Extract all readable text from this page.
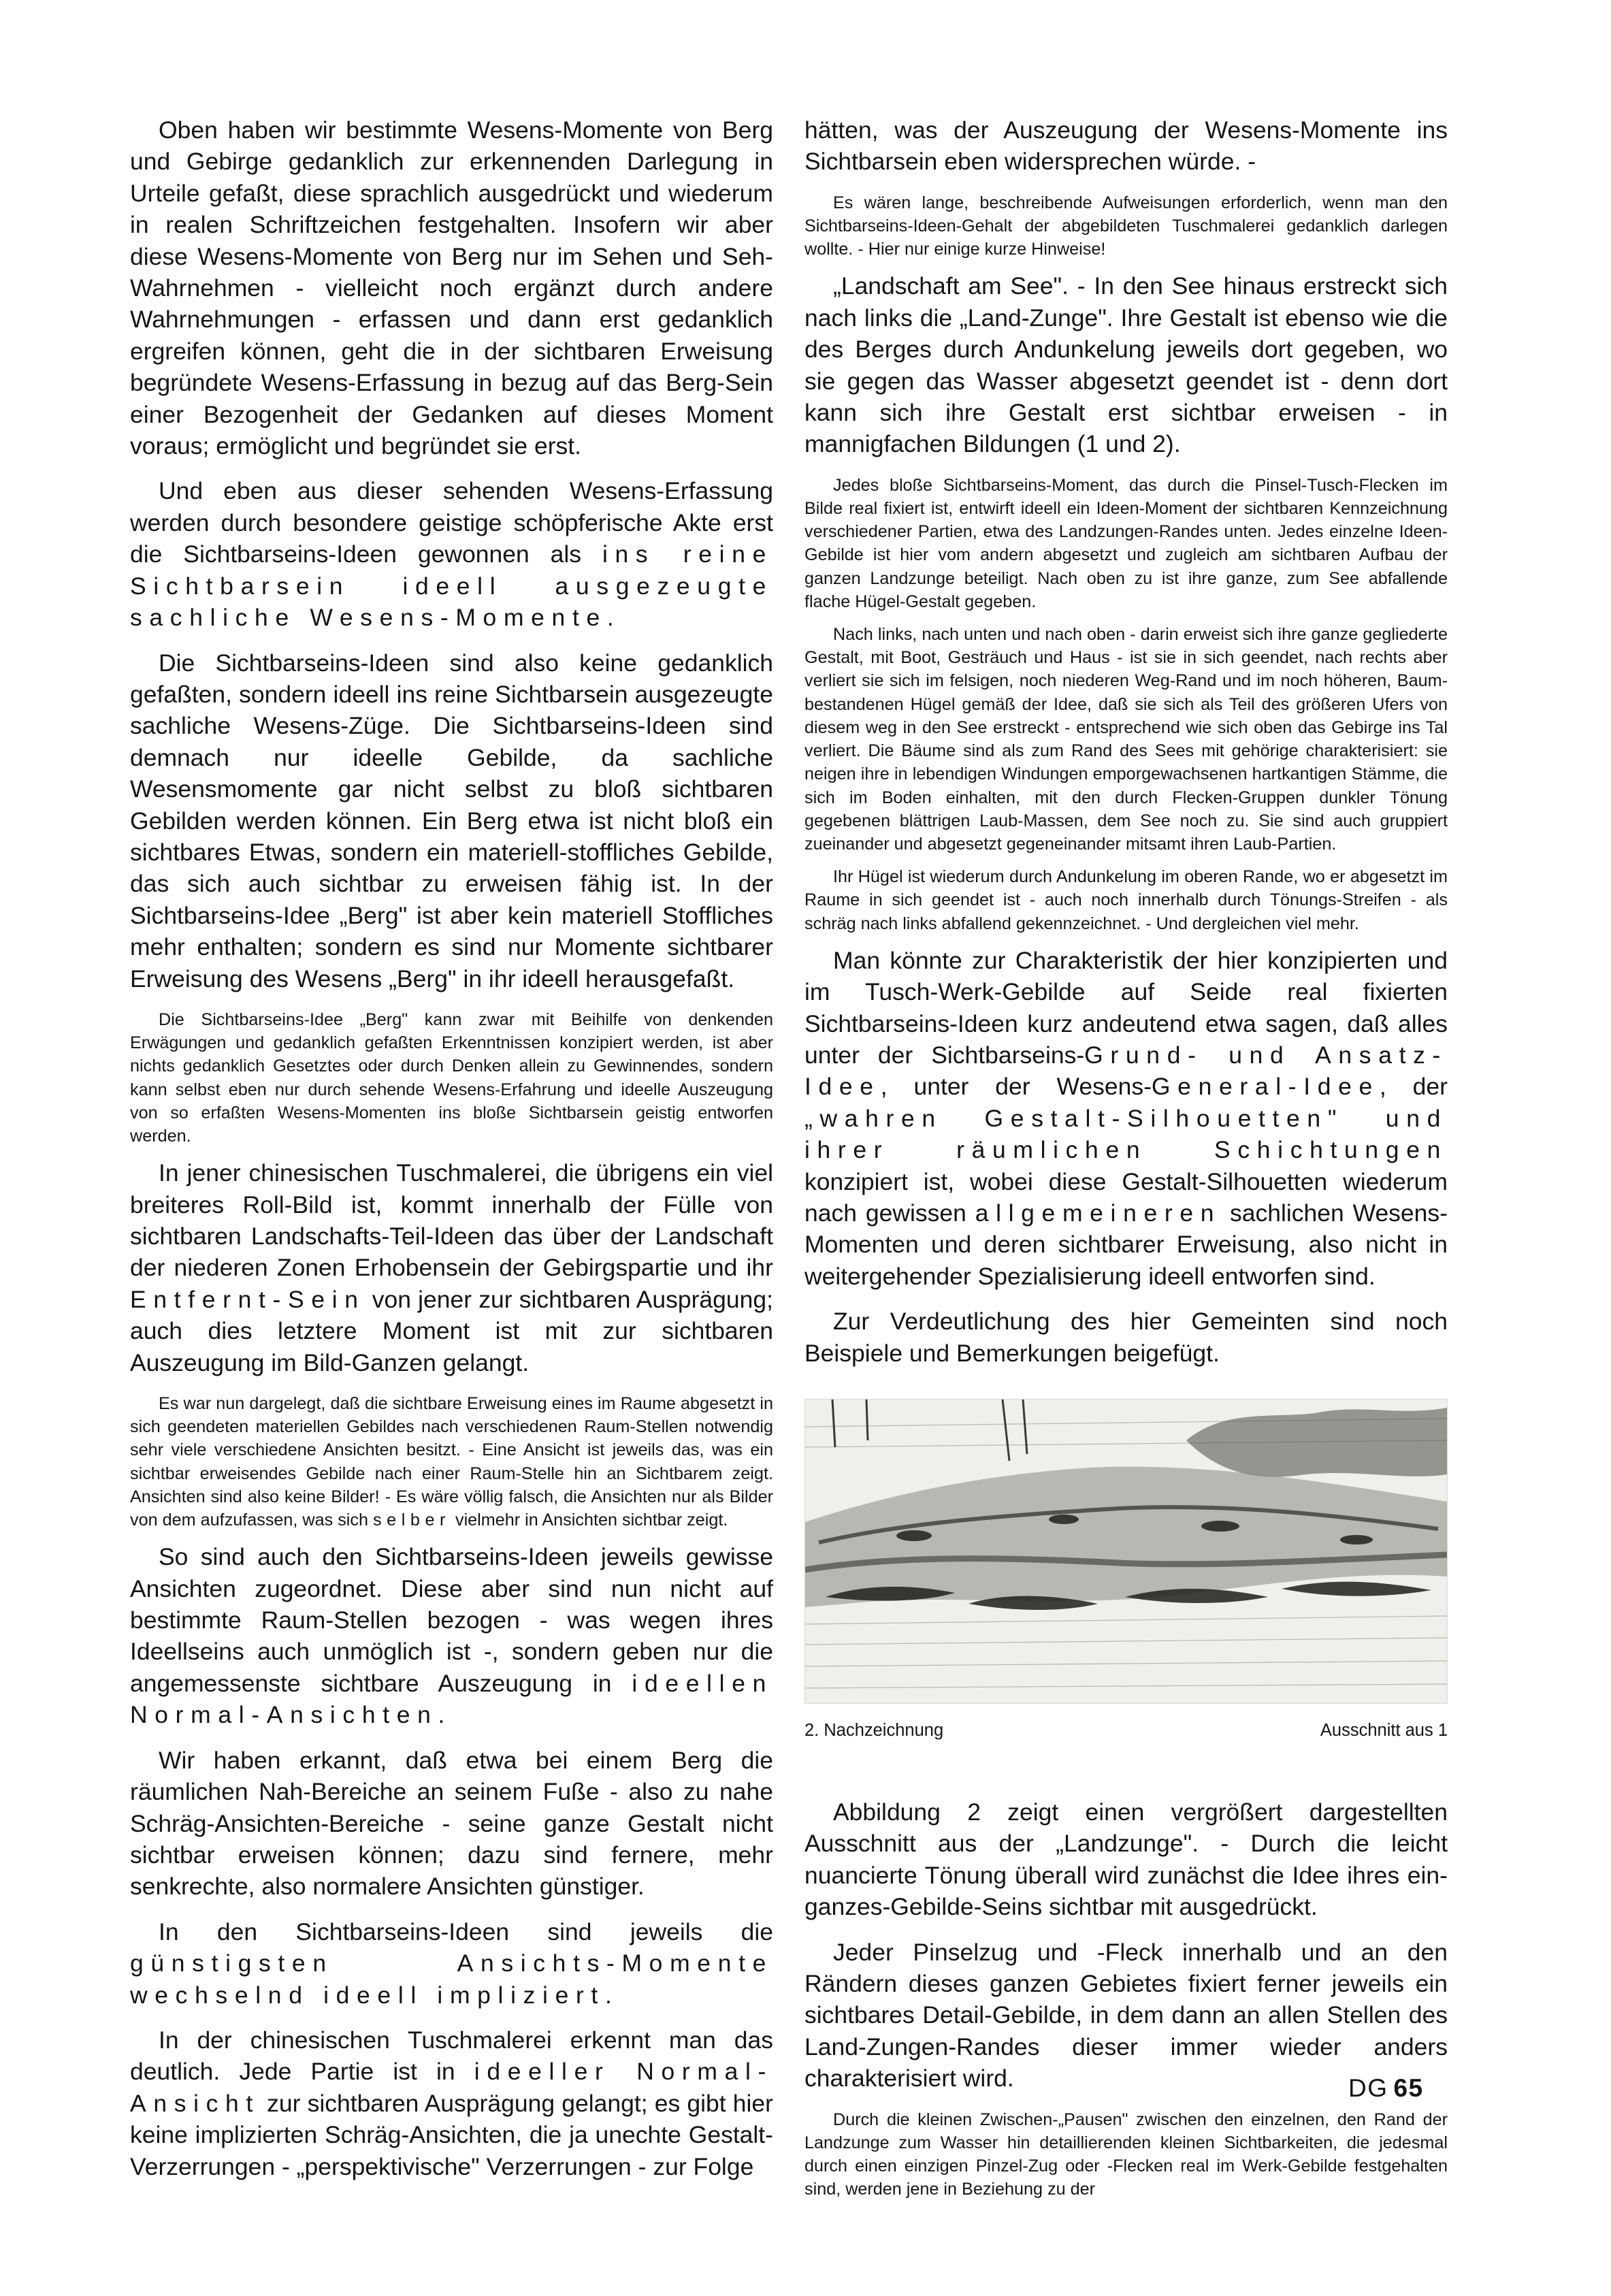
Oben haben wir bestimmte Wesens-Momente von Berg und Gebirge gedanklich zur erkennenden Darlegung in Urteile gefaßt, diese sprachlich ausgedrückt und wiederum in realen Schriftzeichen festgehalten. Insofern wir aber diese Wesens-Momente von Berg nur im Sehen und Seh-Wahrnehmen - vielleicht noch ergänzt durch andere Wahrnehmungen - erfassen und dann erst gedanklich ergreifen können, geht die in der sichtbaren Erweisung begründete Wesens-Erfassung in bezug auf das Berg-Sein einer Bezogenheit der Gedanken auf dieses Moment voraus; ermöglicht und begründet sie erst.

Und eben aus dieser sehenden Wesens-Erfassung werden durch besondere geistige schöpferische Akte erst die Sichtbarseins-Ideen gewonnen als ins reine Sichtbarsein ideell ausgezeugte sachliche Wesens-Momente.

Die Sichtbarseins-Ideen sind also keine gedanklich gefaßten, sondern ideell ins reine Sichtbarsein ausgezeugte sachliche Wesens-Züge. Die Sichtbarseins-Ideen sind demnach nur ideelle Gebilde, da sachliche Wesensmomente gar nicht selbst zu bloß sichtbaren Gebilden werden können. Ein Berg etwa ist nicht bloß ein sichtbares Etwas, sondern ein materiell-stoffliches Gebilde, das sich auch sichtbar zu erweisen fähig ist. In der Sichtbarseins-Idee „Berg" ist aber kein materiell Stoffliches mehr enthalten; sondern es sind nur Momente sichtbarer Erweisung des Wesens „Berg" in ihr ideell herausgefaßt.

Die Sichtbarseins-Idee „Berg" kann zwar mit Beihilfe von denkenden Erwägungen und gedanklich gefaßten Erkenntnissen konzipiert werden, ist aber nichts gedanklich Gesetztes oder durch Denken allein zu Gewinnendes, sondern kann selbst eben nur durch sehende Wesens-Erfahrung und ideelle Auszeugung von so erfaßten Wesens-Momenten ins bloße Sichtbarsein geistig entworfen werden.

In jener chinesischen Tuschmalerei, die übrigens ein viel breiteres Roll-Bild ist, kommt innerhalb der Fülle von sichtbaren Landschafts-Teil-Ideen das über der Landschaft der niederen Zonen Erhobensein der Gebirgspartie und ihr Entfernt-Sein von jener zur sichtbaren Ausprägung; auch dies letztere Moment ist mit zur sichtbaren Auszeugung im Bild-Ganzen gelangt.

Es war nun dargelegt, daß die sichtbare Erweisung eines im Raume abgesetzt in sich geendeten materiellen Gebildes nach verschiedenen Raum-Stellen notwendig sehr viele verschiedene Ansichten besitzt. - Eine Ansicht ist jeweils das, was ein sichtbar erweisendes Gebilde nach einer Raum-Stelle hin an Sichtbarem zeigt. Ansichten sind also keine Bilder! - Es wäre völlig falsch, die Ansichten nur als Bilder von dem aufzufassen, was sich selber vielmehr in Ansichten sichtbar zeigt.

So sind auch den Sichtbarseins-Ideen jeweils gewisse Ansichten zugeordnet. Diese aber sind nun nicht auf bestimmte Raum-Stellen bezogen - was wegen ihres Ideellseins auch unmöglich ist -, sondern geben nur die angemessenste sichtbare Auszeugung in ideellen Normal-Ansichten.

Wir haben erkannt, daß etwa bei einem Berg die räumlichen Nah-Bereiche an seinem Fuße - also zu nahe Schräg-Ansichten-Bereiche - seine ganze Gestalt nicht sichtbar erweisen können; dazu sind fernere, mehr senkrechte, also normalere Ansichten günstiger.

In den Sichtbarseins-Ideen sind jeweils die günstigsten Ansichts-Momente wechselnd ideell impliziert.

In der chinesischen Tuschmalerei erkennt man das deutlich. Jede Partie ist in ideeller Normal-Ansicht zur sichtbaren Ausprägung gelangt; es gibt hier keine implizierten Schräg-Ansichten, die ja unechte Gestalt-Verzerrungen - „perspektivische" Verzerrungen - zur Folge

hätten, was der Auszeugung der Wesens-Momente ins Sichtbarsein eben widersprechen würde. -

Es wären lange, beschreibende Aufweisungen erforderlich, wenn man den Sichtbarseins-Ideen-Gehalt der abgebildeten Tuschmalerei gedanklich darlegen wollte. - Hier nur einige kurze Hinweise!

„Landschaft am See". - In den See hinaus erstreckt sich nach links die „Land-Zunge". Ihre Gestalt ist ebenso wie die des Berges durch Andunkelung jeweils dort gegeben, wo sie gegen das Wasser abgesetzt geendet ist - denn dort kann sich ihre Gestalt erst sichtbar erweisen - in mannigfachen Bildungen (1 und 2).

Jedes bloße Sichtbarseins-Moment, das durch die Pinsel-Tusch-Flecken im Bilde real fixiert ist, entwirft ideell ein Ideen-Moment der sichtbaren Kennzeichnung verschiedener Partien, etwa des Landzungen-Randes unten. Jedes einzelne Ideen-Gebilde ist hier vom andern abgesetzt und zugleich am sichtbaren Aufbau der ganzen Landzunge beteiligt. Nach oben zu ist ihre ganze, zum See abfallende flache Hügel-Gestalt gegeben.

Nach links, nach unten und nach oben - darin erweist sich ihre ganze gegliederte Gestalt, mit Boot, Gesträuch und Haus - ist sie in sich geendet, nach rechts aber verliert sie sich im felsigen, noch niederen Weg-Rand und im noch höheren, Baum-bestandenen Hügel gemäß der Idee, daß sie sich als Teil des größeren Ufers von diesem weg in den See erstreckt - entsprechend wie sich oben das Gebirge ins Tal verliert. Die Bäume sind als zum Rand des Sees mit gehörige charakterisiert: sie neigen ihre in lebendigen Windungen emporgewachsenen hartkantigen Stämme, die sich im Boden einhalten, mit den durch Flecken-Gruppen dunkler Tönung gegebenen blättrigen Laub-Massen, dem See noch zu. Sie sind auch gruppiert zueinander und abgesetzt gegeneinander mitsamt ihren Laub-Partien.

Ihr Hügel ist wiederum durch Andunkelung im oberen Rande, wo er abgesetzt im Raume in sich geendet ist - auch noch innerhalb durch Tönungs-Streifen - als schräg nach links abfallend gekennzeichnet. - Und dergleichen viel mehr.

Man könnte zur Charakteristik der hier konzipierten und im Tusch-Werk-Gebilde auf Seide real fixierten Sichtbarseins-Ideen kurz andeutend etwa sagen, daß alles unter der Sichtbarseins-Grund- und Ansatz-Idee, unter der Wesens-General-Idee, der „wahren Gestalt-Silhouetten" und ihrer räumlichen Schichtungen konzipiert ist, wobei diese Gestalt-Silhouetten wiederum nach gewissen allgemeineren sachlichen Wesens-Momenten und deren sichtbarer Erweisung, also nicht in weitergehender Spezialisierung ideell entworfen sind.

Zur Verdeutlichung des hier Gemeinten sind noch Beispiele und Bemerkungen beigefügt.

2. Nachzeichnung	Ausschnitt aus 1

Abbildung 2 zeigt einen vergrößert dargestellten Ausschnitt aus der „Landzunge". - Durch die leicht nuancierte Tönung überall wird zunächst die Idee ihres ein-ganzes-Gebilde-Seins sichtbar mit ausgedrückt.

Jeder Pinselzug und -Fleck innerhalb und an den Rändern dieses ganzen Gebietes fixiert ferner jeweils ein sichtbares Detail-Gebilde, in dem dann an allen Stellen des Land-Zungen-Randes dieser immer wieder anders charakterisiert wird.

Durch die kleinen Zwischen-„Pausen" zwischen den einzelnen, den Rand der Landzunge zum Wasser hin detaillierenden kleinen Sichtbarkeiten, die jedesmal durch einen einzigen Pinzel-Zug oder -Flecken real im Werk-Gebilde festgehalten sind, werden jene in Beziehung zu der

DG 65
